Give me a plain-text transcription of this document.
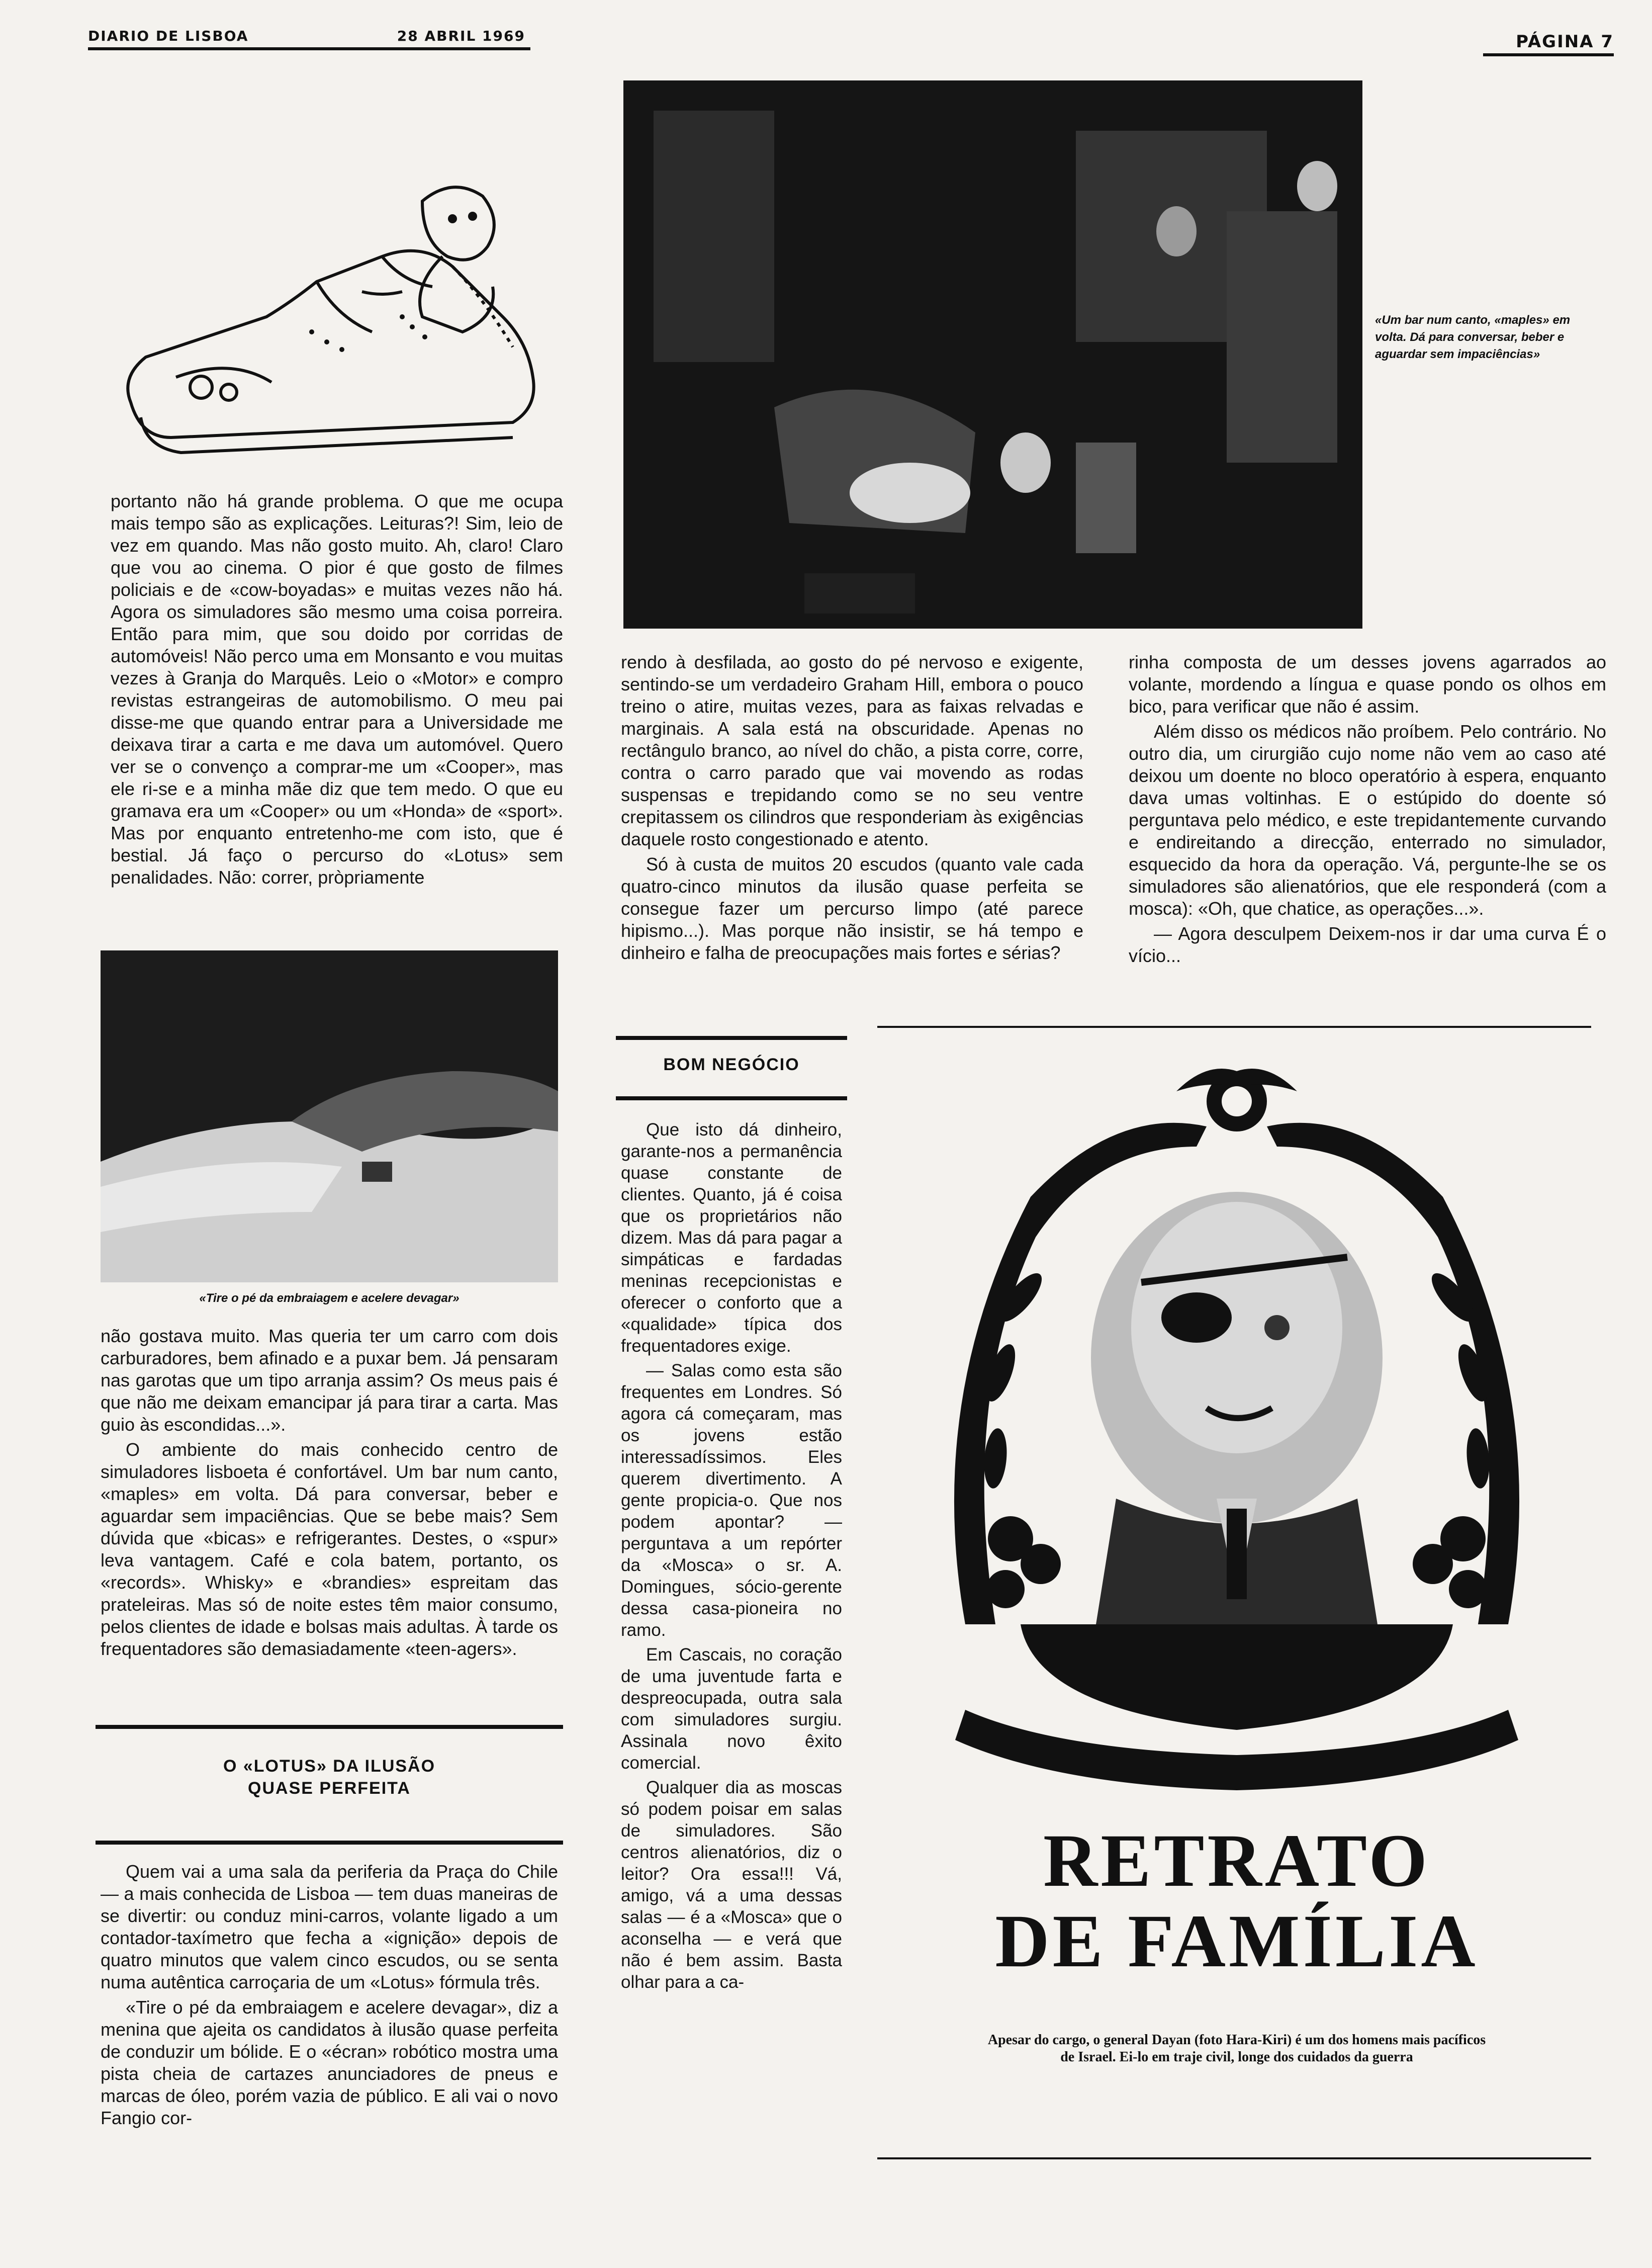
DIARIO DE LISBOA	28 ABRIL 1969	PÁGINA 7

portanto não há grande problema. O que me ocupa mais tempo são as explicações. Leituras?! Sim, leio de vez em quando. Mas não gosto muito. Ah, claro! Claro que vou ao cinema. O pior é que gosto de filmes policiais e de «cow-boyadas» e muitas vezes não há. Agora os simuladores são mesmo uma coisa porreira. Então para mim, que sou doido por corridas de automóveis! Não perco uma em Monsanto e vou muitas vezes à Granja do Marquês. Leio o «Motor» e compro revistas estrangeiras de automobilismo. O meu pai disse-me que quando entrar para a Universidade me deixava tirar a carta e me dava um automóvel. Quero ver se o convenço a comprar-me um «Cooper», mas ele ri-se e a minha mãe diz que tem medo. O que eu gramava era um «Cooper» ou um «Honda» de «sport». Mas por enquanto entretenho-me com isto, que é bestial. Já faço o percurso do «Lotus» sem penalidades. Não: correr, pròpriamente

«Tire o pé da embraiagem e acelere devagar»

não gostava muito. Mas queria ter um carro com dois carburadores, bem afinado e a puxar bem. Já pensaram nas garotas que um tipo arranja assim? Os meus pais é que não me deixam emancipar já para tirar a carta. Mas guio às escondidas...».

O ambiente do mais conhecido centro de simuladores lisboeta é confortável. Um bar num canto, «maples» em volta. Dá para conversar, beber e aguardar sem impaciências. Que se bebe mais? Sem dúvida que «bicas» e refrigerantes. Destes, o «spur» leva vantagem. Café e cola batem, portanto, os «records». Whisky» e «brandies» espreitam das prateleiras. Mas só de noite estes têm maior consumo, pelos clientes de idade e bolsas mais adultas. À tarde os frequentadores são demasiadamente «teen-agers».

O «LOTUS» DA ILUSÃO
QUASE PERFEITA

Quem vai a uma sala da periferia da Praça do Chile — a mais conhecida de Lisboa — tem duas maneiras de se divertir: ou conduz mini-carros, volante ligado a um contador-taxímetro que fecha a «ignição» depois de quatro minutos que valem cinco escudos, ou se senta numa autêntica carroçaria de um «Lotus» fórmula três.

«Tire o pé da embraiagem e acelere devagar», diz a menina que ajeita os candidatos à ilusão quase perfeita de conduzir um bólide. E o «écran» robótico mostra uma pista cheia de cartazes anunciadores de pneus e marcas de óleo, porém vazia de público. E ali vai o novo Fangio cor-

«Um bar num canto, «maples» em volta. Dá para conversar, beber e aguardar sem impaciências»

rendo à desfilada, ao gosto do pé nervoso e exigente, sentindo-se um verdadeiro Graham Hill, embora o pouco treino o atire, muitas vezes, para as faixas relvadas e marginais. A sala está na obscuridade. Apenas no rectângulo branco, ao nível do chão, a pista corre, corre, contra o carro parado que vai movendo as rodas suspensas e trepidando como se no seu ventre crepitassem os cilindros que responderiam às exigências daquele rosto congestionado e atento.

Só à custa de muitos 20 escudos (quanto vale cada quatro-cinco minutos da ilusão quase perfeita se consegue fazer um percurso limpo (até parece hipismo...). Mas porque não insistir, se há tempo e dinheiro e falha de preocupações mais fortes e sérias?

rinha composta de um desses jovens agarrados ao volante, mordendo a língua e quase pondo os olhos em bico, para verificar que não é assim.

Além disso os médicos não proíbem. Pelo contrário. No outro dia, um cirurgião cujo nome não vem ao caso até deixou um doente no bloco operatório à espera, enquanto dava umas voltinhas. E o estúpido do doente só perguntava pelo médico, e este trepidantemente curvando e endireitando a direcção, enterrado no simulador, esquecido da hora da operação. Vá, pergunte-lhe se os simuladores são alienatórios, que ele responderá (com a mosca): «Oh, que chatice, as operações...».

— Agora desculpem Deixem-nos ir dar uma curva É o vício...

BOM NEGÓCIO

Que isto dá dinheiro, garante-nos a permanência quase constante de clientes. Quanto, já é coisa que os proprietários não dizem. Mas dá para pagar a simpáticas e fardadas meninas recepcionistas e oferecer o conforto que a «qualidade» típica dos frequentadores exige.

— Salas como esta são frequentes em Londres. Só agora cá começaram, mas os jovens estão interessadíssimos. Eles querem divertimento. A gente propicia-o. Que nos podem apontar? — perguntava a um repórter da «Mosca» o sr. A. Domingues, sócio-gerente dessa casa-pioneira no ramo.

Em Cascais, no coração de uma juventude farta e despreocupada, outra sala com simuladores surgiu. Assinala novo êxito comercial.

Qualquer dia as moscas só podem poisar em salas de simuladores. São centros alienatórios, diz o leitor? Ora essa!!! Vá, amigo, vá a uma dessas salas — é a «Mosca» que o aconselha — e verá que não é bem assim. Basta olhar para a ca-

RETRATO
DE FAMÍLIA
Apesar do cargo, o general Dayan (foto Hara-Kiri) é um dos homens mais pacíficos de Israel. Ei-lo em traje civil, longe dos cuidados da guerra
